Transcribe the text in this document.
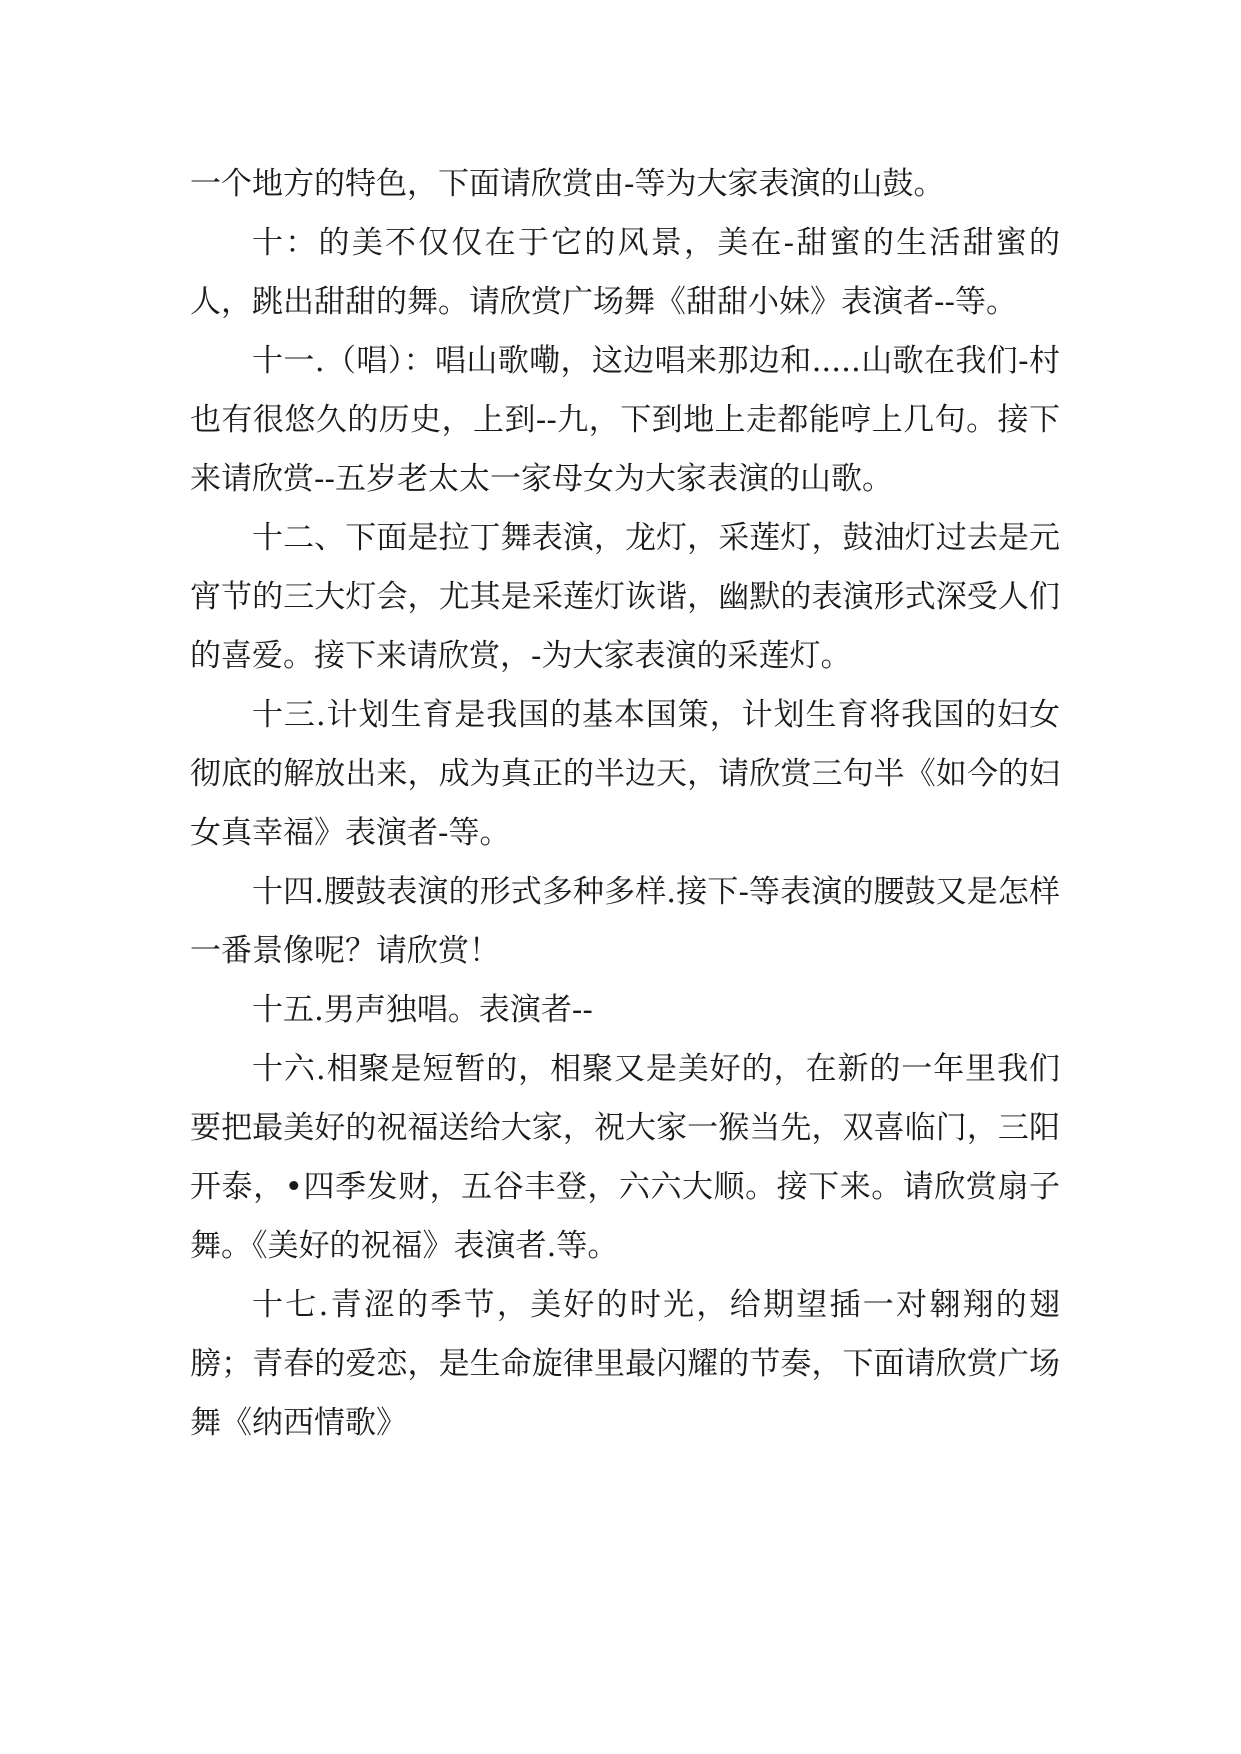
一个地方的特色，下面请欣赏由-等为大家表演的山鼓。

十：的美不仅仅在于它的风景，美在-甜蜜的生活甜蜜的人，跳出甜甜的舞。请欣赏广场舞《甜甜小妹》表演者--等。

十一.（唱）：唱山歌嘞，这边唱来那边和.....山歌在我们-村也有很悠久的历史，上到--九，下到地上走都能哼上几句。接下来请欣赏--五岁老太太一家母女为大家表演的山歌。

十二、下面是拉丁舞表演，龙灯，采莲灯，鼓油灯过去是元宵节的三大灯会，尤其是采莲灯诙谐，幽默的表演形式深受人们的喜爱。接下来请欣赏，-为大家表演的采莲灯。

十三.计划生育是我国的基本国策，计划生育将我国的妇女彻底的解放出来，成为真正的半边天，请欣赏三句半《如今的妇女真幸福》表演者-等。

十四.腰鼓表演的形式多种多样.接下-等表演的腰鼓又是怎样一番景像呢？请欣赏！

十五.男声独唱。表演者--

十六.相聚是短暂的，相聚又是美好的，在新的一年里我们要把最美好的祝福送给大家，祝大家一猴当先，双喜临门，三阳开泰，•四季发财，五谷丰登，六六大顺。接下来。请欣赏扇子舞。《美好的祝福》表演者.等。

十七.青涩的季节，美好的时光，给期望插一对翱翔的翅膀；青春的爱恋，是生命旋律里最闪耀的节奏，下面请欣赏广场舞《纳西情歌》
